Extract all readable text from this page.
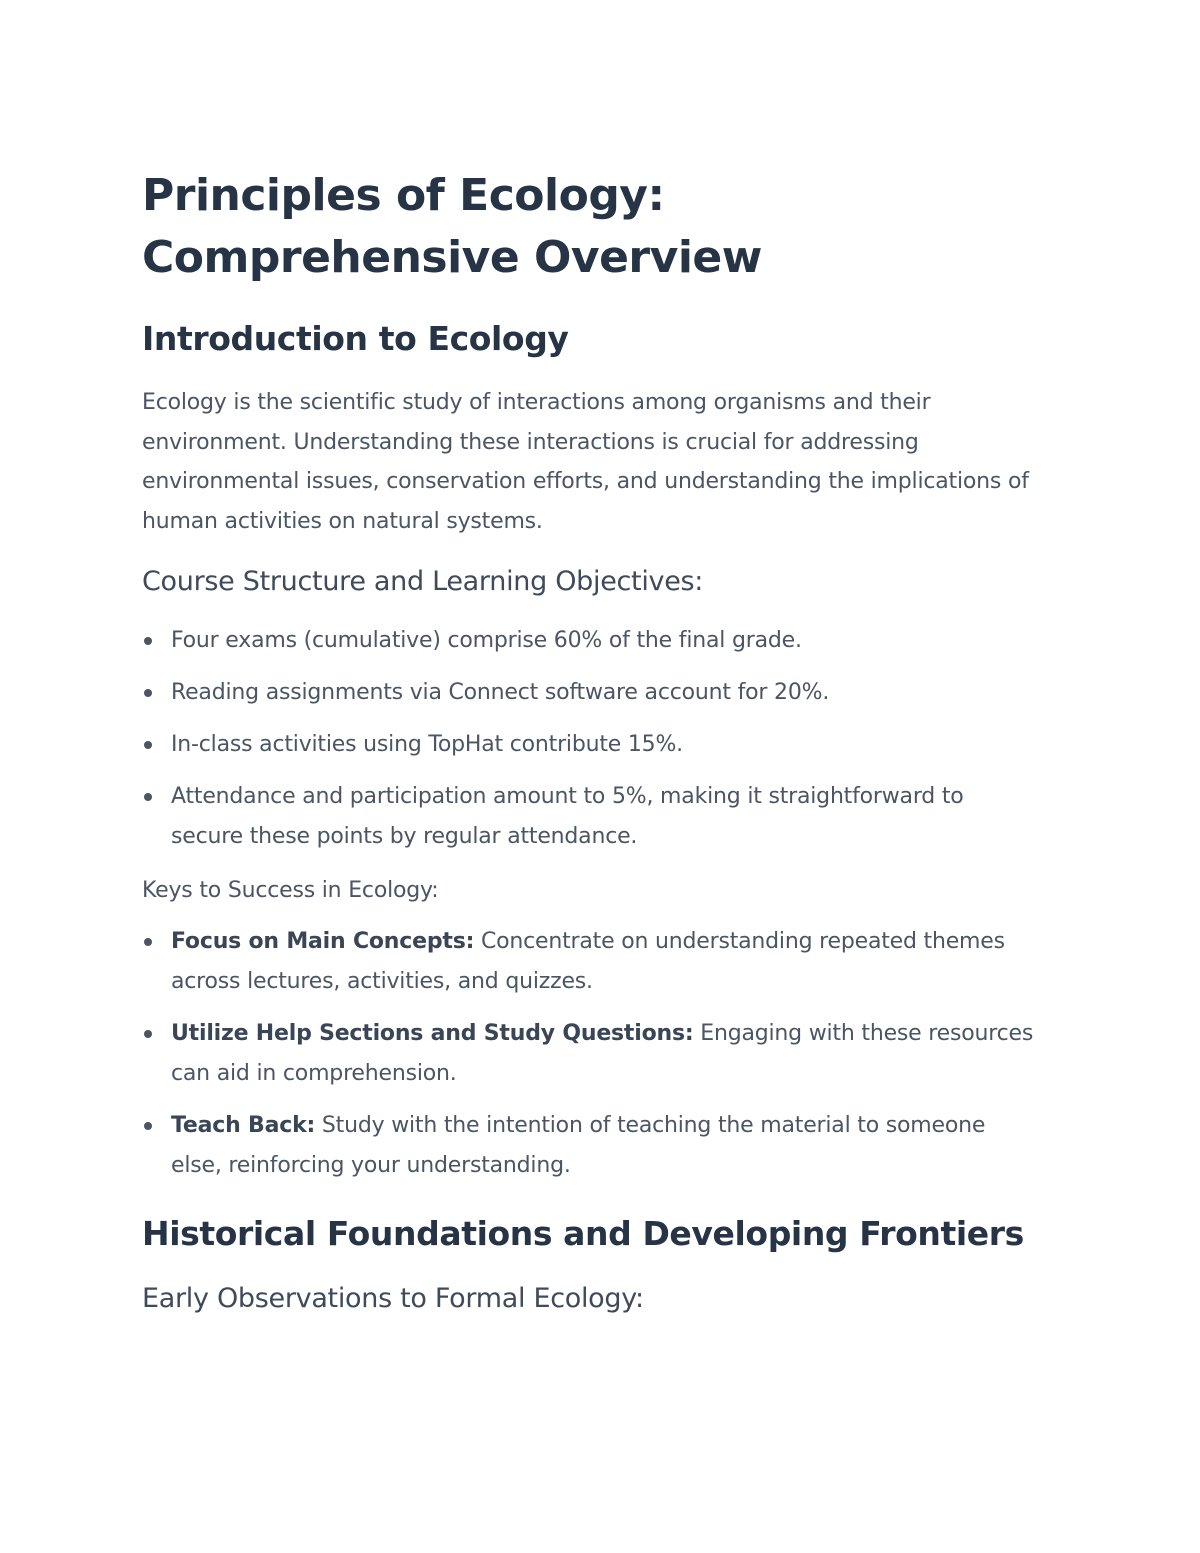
Principles of Ecology: Comprehensive Overview
Introduction to Ecology

Ecology is the scientific study of interactions among organisms and their environment. Understanding these interactions is crucial for addressing environmental issues, conservation efforts, and understanding the implications of human activities on natural systems.

Course Structure and Learning Objectives:
Four exams (cumulative) comprise 60% of the final grade.
Reading assignments via Connect software account for 20%.
In-class activities using TopHat contribute 15%.
Attendance and participation amount to 5%, making it straightforward to secure these points by regular attendance.
Keys to Success in Ecology:
Focus on Main Concepts: Concentrate on understanding repeated themes across lectures, activities, and quizzes.
Utilize Help Sections and Study Questions: Engaging with these resources can aid in comprehension.
Teach Back: Study with the intention of teaching the material to someone else, reinforcing your understanding.
Historical Foundations and Developing Frontiers
Early Observations to Formal Ecology:
